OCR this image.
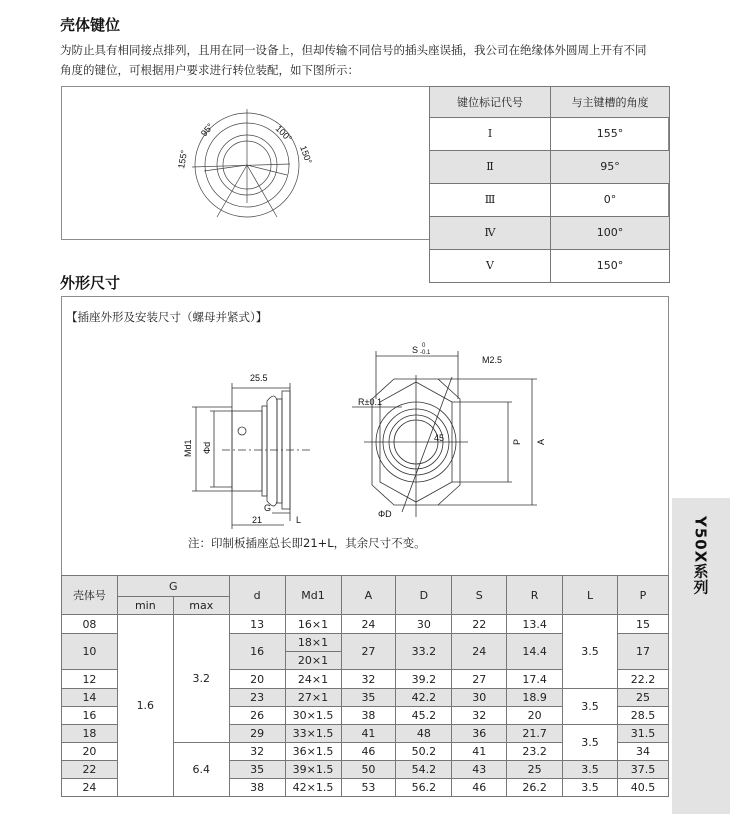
壳体键位
为防止具有相同接点排列，且用在同一设备上，但却传输不同信号的插头座误插，我公司在绝缘体外圆周上开有不同
角度的键位，可根据用户要求进行转位装配，如下图所示：
155°
95°	100°
150°
键位标记代号	与主键槽的角度
Ⅰ	155°
Ⅱ	95°
Ⅲ	0°
Ⅳ	100°
Ⅴ	150°
外形尺寸
【插座外形及安装尺寸（螺母并紧式）】
25.5
Md1 Φd
G
L
21
S 0
-0.1
M2.5
R±0.1
45	P A
ΦD
注：印制板插座总长即21+L，其余尺寸不变。
壳体号	G		d	Md1	A	D	S	R	L	P
	min	max								
08	1.6	3.2	13	16×1	24	30	22	13.4	3.5	15
10			16	18×1	27	33.2	24	14.4		17
				20×1						
12			20	24×1	32	39.2	27	17.4		22.2
14			23	27×1	35	42.2	30	18.9	3.5	25
16			26	30×1.5	38	45.2	32	20		28.5
18			29	33×1.5	41	48	36	21.7	3.5	31.5
20		6.4	32	36×1.5	46	50.2	41	23.2		34
22			35	39×1.5	50	54.2	43	25	3.5	37.5
24			38	42×1.5	53	56.2	46	26.2	3.5	40.5
Y50X系列
